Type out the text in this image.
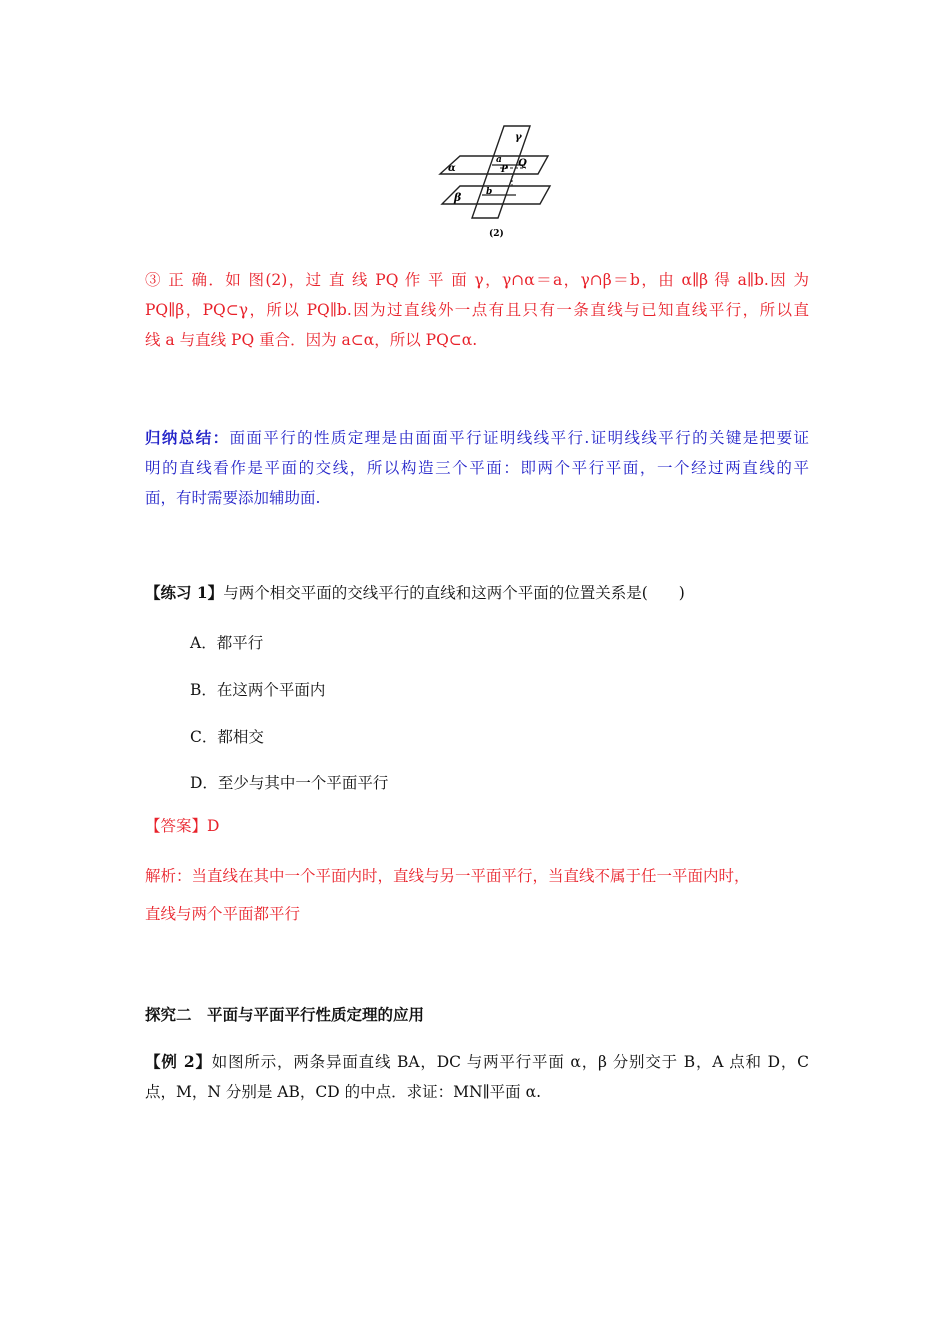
γ
α
β
a
P
Q
b
(2)
③ 正 确．如 图(2)，过 直 线 PQ 作 平 面 γ，γ∩α＝a，γ∩β＝b，由 α∥β 得 a∥b.因 为
PQ∥β，PQ⊂γ，所以 PQ∥b.因为过直线外一点有且只有一条直线与已知直线平行，所以直
线 a 与直线 PQ 重合．因为 a⊂α，所以 PQ⊂α.
归纳总结：面面平行的性质定理是由面面平行证明线线平行.证明线线平行的关键是把要证
明的直线看作是平面的交线，所以构造三个平面：即两个平行平面，一个经过两直线的平
面，有时需要添加辅助面.
【练习 1】与两个相交平面的交线平行的直线和这两个平面的位置关系是(　　)
A．都平行
B．在这两个平面内
C．都相交
D．至少与其中一个平面平行
【答案】D
解析：当直线在其中一个平面内时，直线与另一平面平行，当直线不属于任一平面内时，
直线与两个平面都平行
探究二　平面与平面平行性质定理的应用
【例 2】如图所示，两条异面直线 BA，DC 与两平行平面 α，β 分别交于 B，A 点和 D，C
点，M，N 分别是 AB，CD 的中点．求证：MN∥平面 α.
